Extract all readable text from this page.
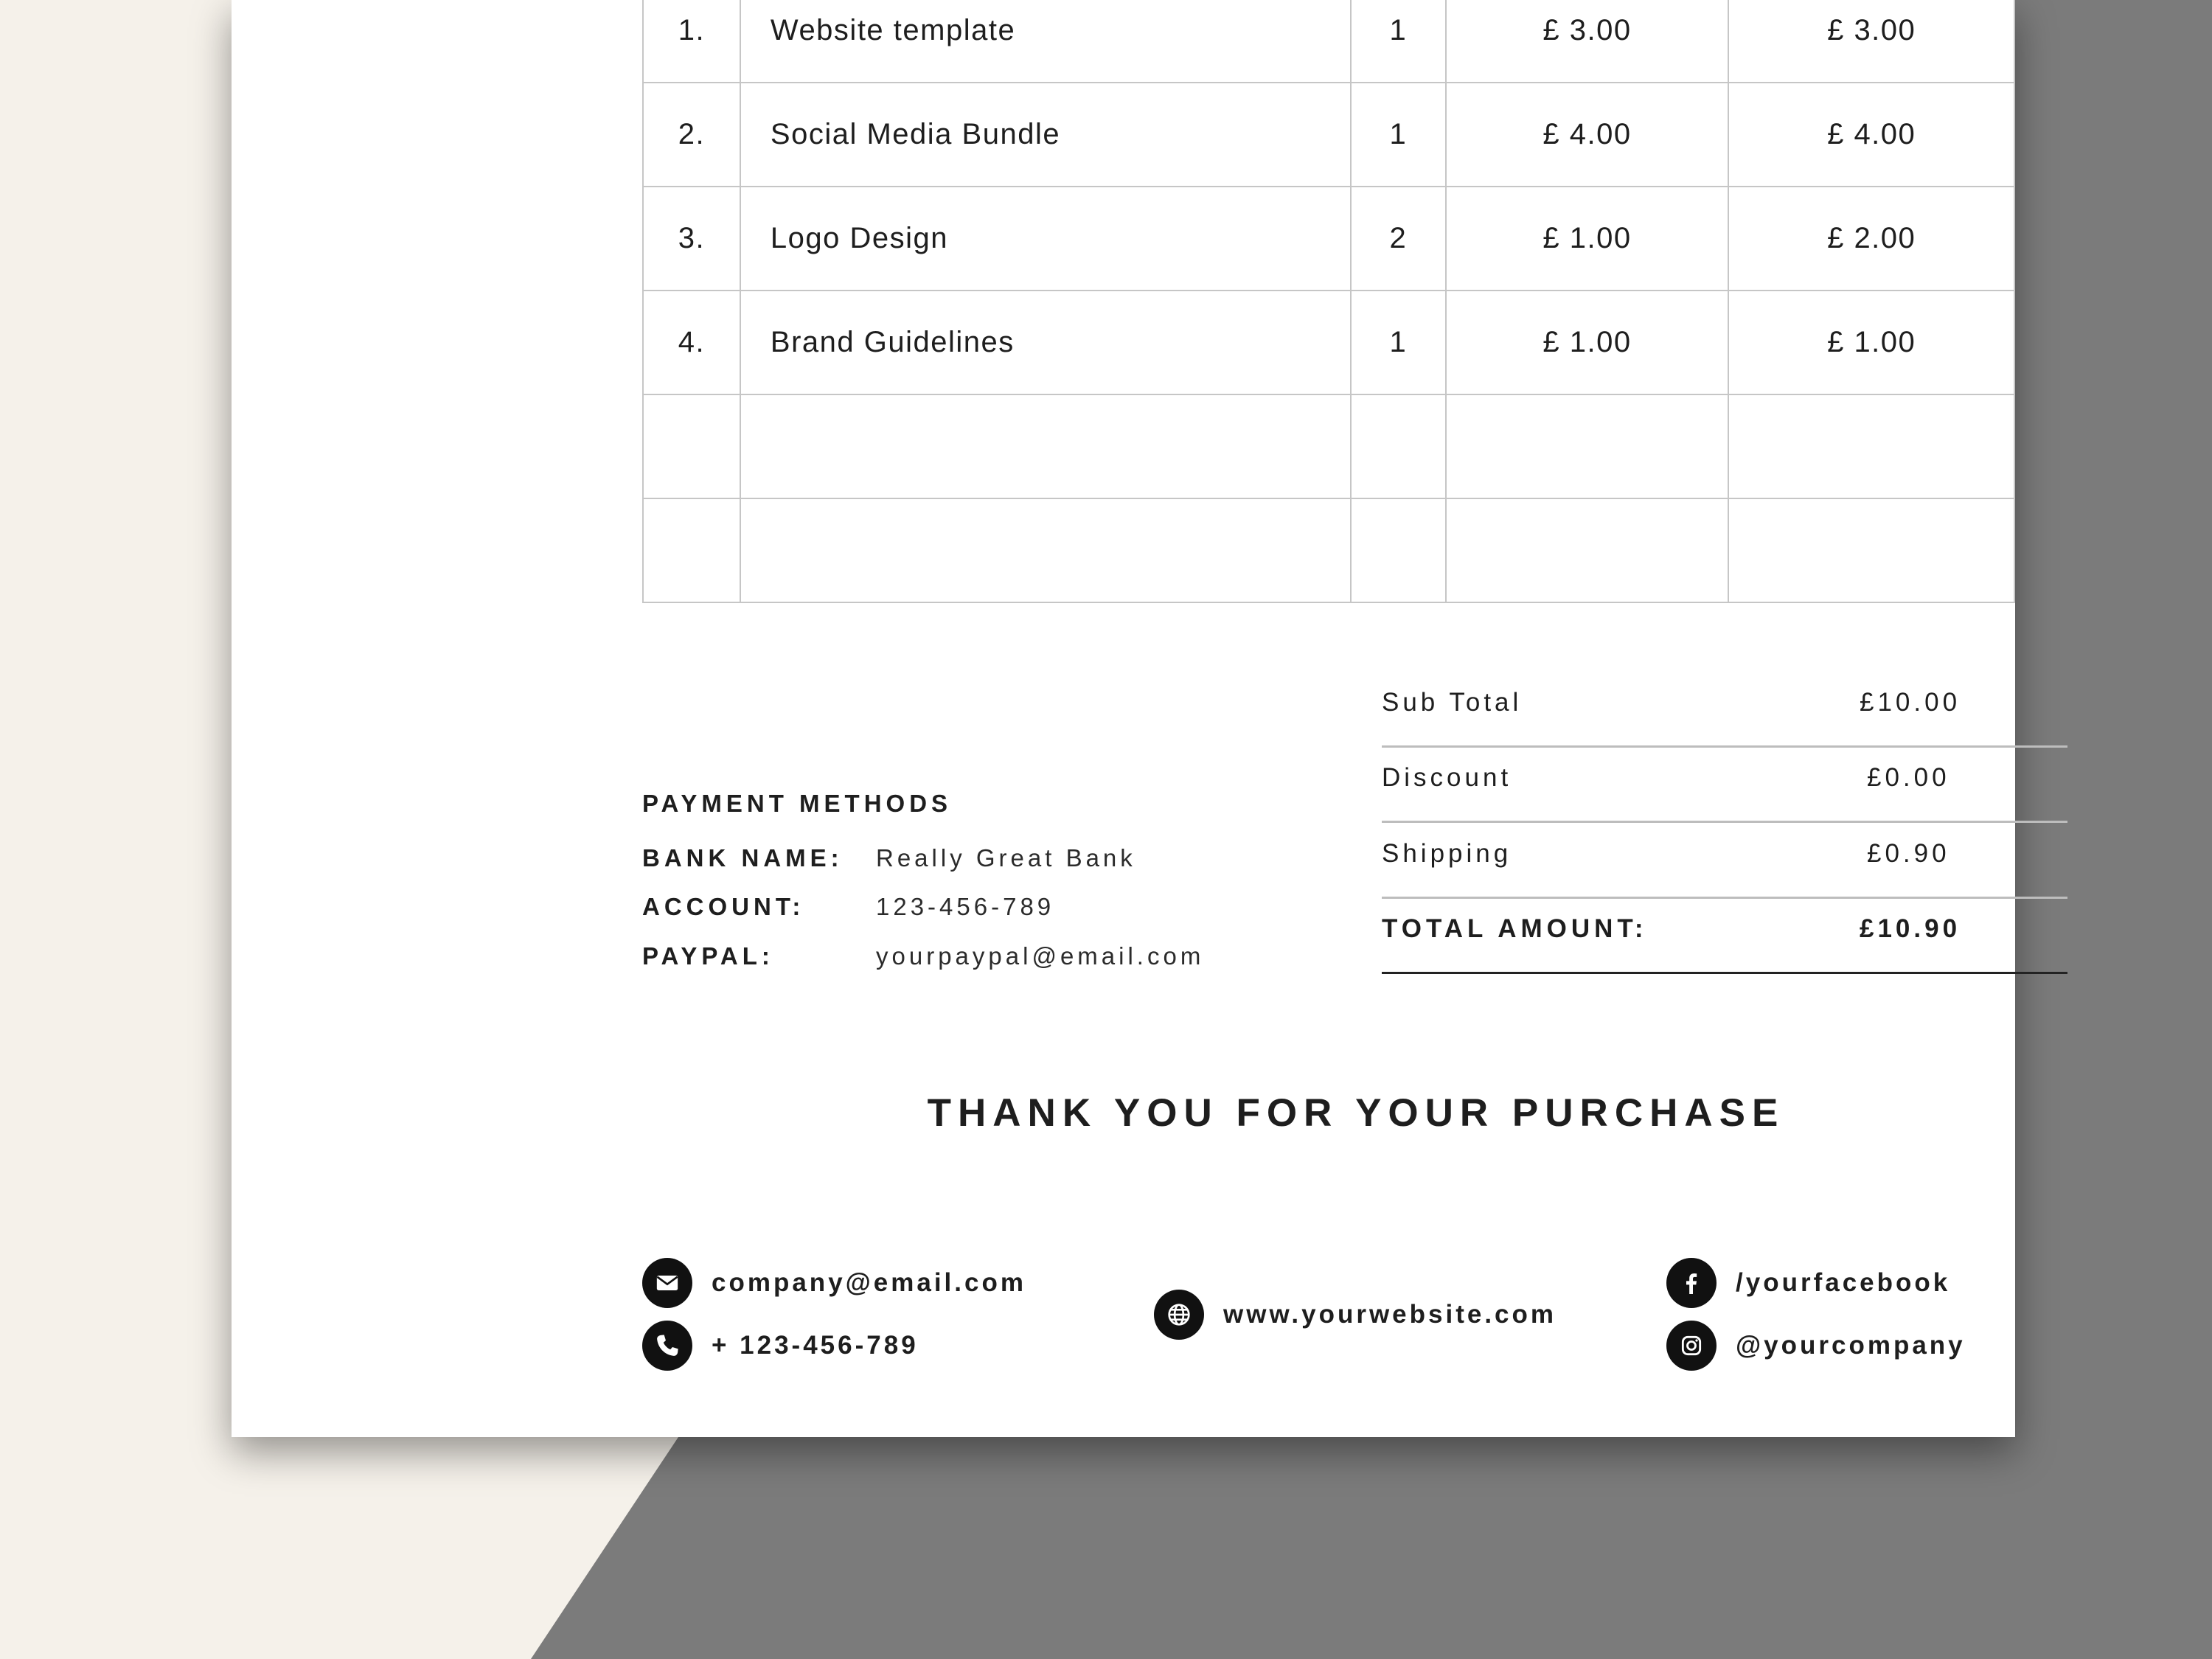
1.	Website template	1	£ 3.00	£ 3.00
2.	Social Media Bundle	1	£ 4.00	£ 4.00
3.	Logo Design	2	£ 1.00	£ 2.00
4.	Brand Guidelines	1	£ 1.00	£ 1.00

PAYMENT METHODS
BANK NAME: Really Great Bank
ACCOUNT:	123-456-789
PAYPAL:	yourpaypal@email.com
Sub Total	£10.00
Discount	£0.00
Shipping	£0.90
TOTAL AMOUNT:	£10.90
THANK YOU FOR YOUR PURCHASE
company@email.com
+ 123-456-789
www.yourwebsite.com
/yourfacebook
@yourcompany
